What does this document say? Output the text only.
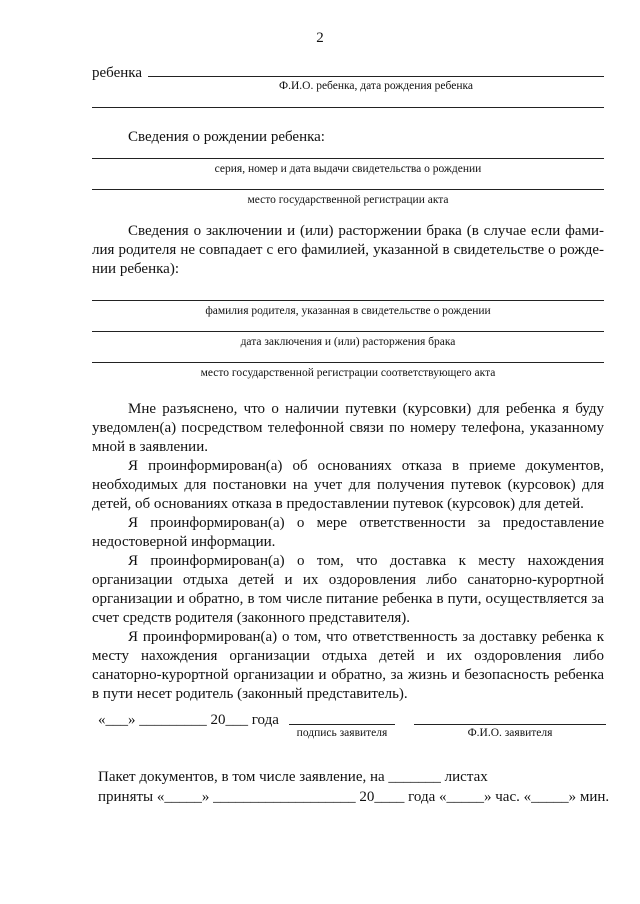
2
ребенка
Ф.И.О. ребенка, дата рождения ребенка
Сведения о рождении ребенка:
серия, номер и дата выдачи свидетельства о рождении
место государственной регистрации акта
Сведения о заключении и (или) расторжении брака (в случае если фами-
лия родителя не совпадает с его фамилией, указанной в свидетельстве о рожде-
нии ребенка):
фамилия родителя, указанная в свидетельстве о рождении
дата заключения и (или) расторжения брака
место государственной регистрации соответствующего акта
Мне разъяснено, что о наличии путевки (курсовки) для ребенка я буду уведомлен(а) посредством телефонной связи по номеру телефона, указанному мной в заявлении.
Я проинформирован(а) об основаниях отказа в приеме документов, необходимых для постановки на учет для получения путевок (курсовок) для детей, об основаниях отказа в предоставлении путевок (курсовок) для детей.
Я проинформирован(а) о мере ответственности за предоставление недостоверной информации.
Я проинформирован(а) о том, что доставка к месту нахождения организации отдыха детей и их оздоровления либо санаторно-курортной организации и обратно, в том числе питание ребенка в пути, осуществляется за счет средств родителя (законного представителя).
Я проинформирован(а) о том, что ответственность за доставку ребенка к месту нахождения организации отдыха детей и их оздоровления либо санаторно-курортной организации и обратно, за жизнь и безопасность ребенка в пути несет родитель (законный представитель).
«___» _________ 20___ года
подпись заявителя	Ф.И.О. заявителя
Пакет документов, в том числе заявление, на _______ листах
приняты «_____» ___________________ 20____ года «_____» час. «_____» мин.
